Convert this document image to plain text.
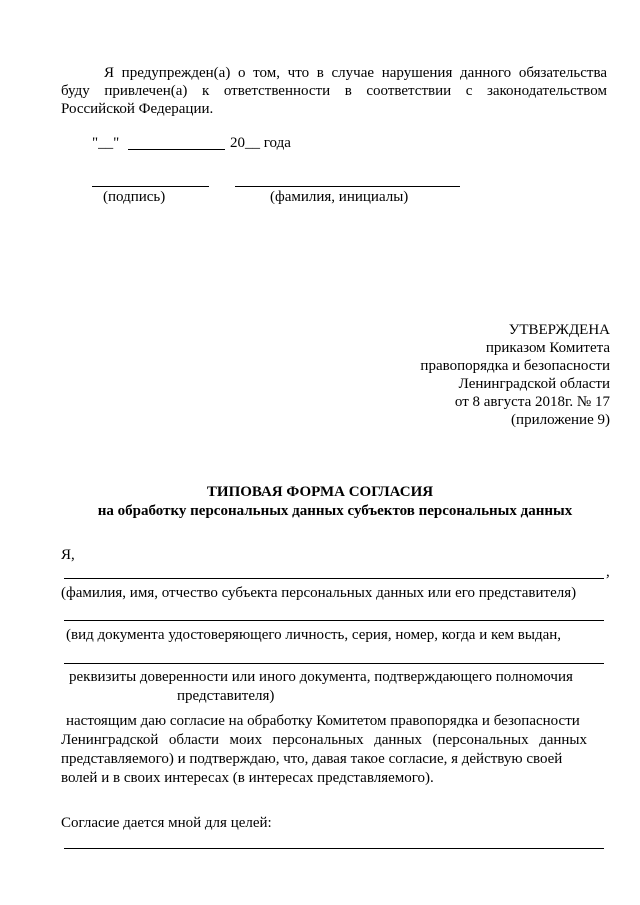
Я предупрежден(а) о том, что в случае нарушения данного обязательства
буду привлечен(а) к ответственности в соответствии с законодательством
Российской Федерации.
"__"	20__ года
(подпись)	(фамилия, инициалы)
УТВЕРЖДЕНА
приказом Комитета
правопорядка и безопасности
Ленинградской области
от 8 августа 2018г. № 17
(приложение 9)
ТИПОВАЯ ФОРМА СОГЛАСИЯ
на обработку персональных данных субъектов персональных данных
Я,
,
(фамилия, имя, отчество субъекта персональных данных или его представителя)
(вид документа удостоверяющего личность, серия, номер, когда и кем выдан,
реквизиты доверенности или иного документа, подтверждающего полномочия
представителя)
настоящим даю согласие на обработку Комитетом правопорядка и безопасности
Ленинградской области моих персональных данных (персональных данных
представляемого) и подтверждаю, что, давая такое согласие, я действую своей
волей и в своих интересах (в интересах представляемого).
Согласие дается мной для целей:
